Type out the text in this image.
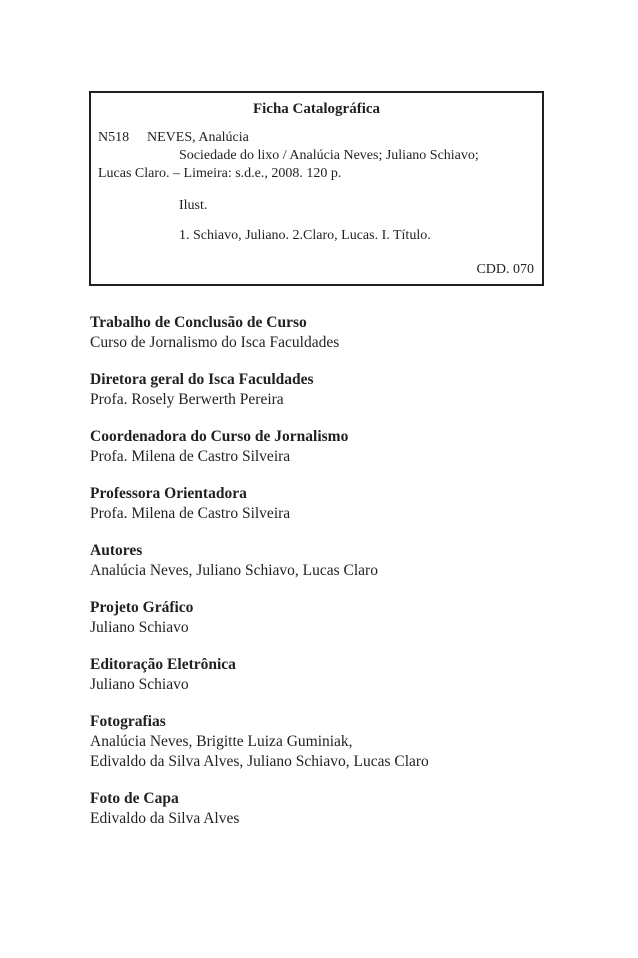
Ficha Catalográfica
N518 NEVES, Analúcia
Sociedade do lixo / Analúcia Neves; Juliano Schiavo;
Lucas Claro. – Limeira: s.d.e., 2008. 120 p.
Ilust.
1. Schiavo, Juliano. 2.Claro, Lucas. I. Título.
CDD. 070
Trabalho de Conclusão de Curso
Curso de Jornalismo do Isca Faculdades
Diretora geral do Isca Faculdades
Profa. Rosely Berwerth Pereira
Coordenadora do Curso de Jornalismo
Profa. Milena de Castro Silveira
Professora Orientadora
Profa. Milena de Castro Silveira
Autores
Analúcia Neves, Juliano Schiavo, Lucas Claro
Projeto Gráfico
Juliano Schiavo
Editoração Eletrônica
Juliano Schiavo
Fotografias
Analúcia Neves, Brigitte Luiza Guminiak,
Edivaldo da Silva Alves, Juliano Schiavo, Lucas Claro
Foto de Capa
Edivaldo da Silva Alves
